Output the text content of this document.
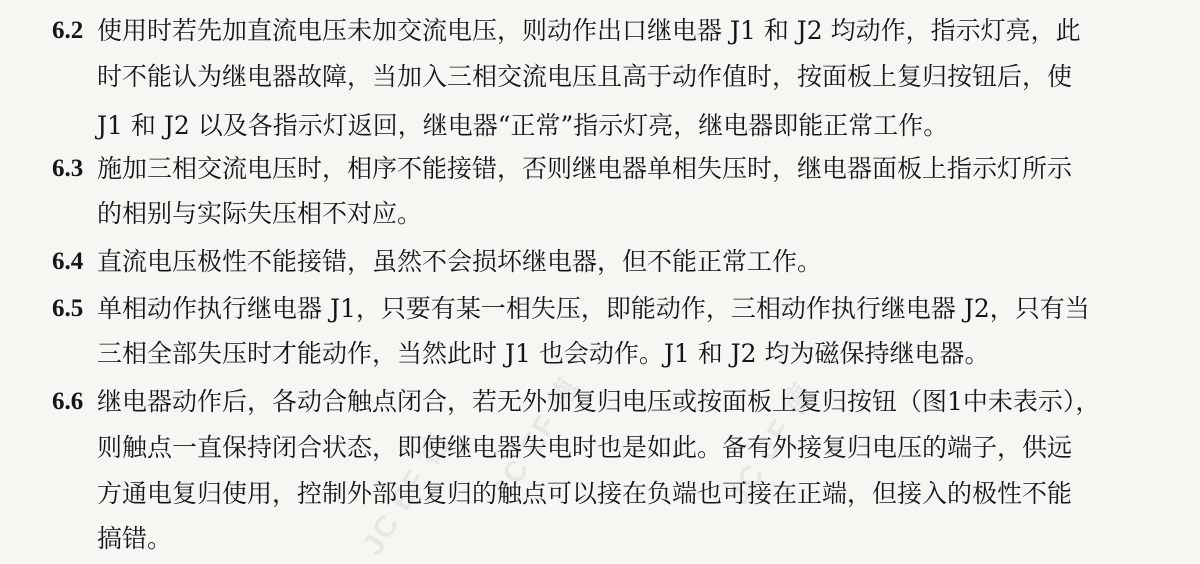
6.2 使用时若先加直流电压未加交流电压，则动作出口继电器 J1 和 J2 均动作，指示灯亮，此
时不能认为继电器故障，当加入三相交流电压且高于动作值时，按面板上复归按钮后，使
J1 和 J2 以及各指示灯返回，继电器“正常”指示灯亮，继电器即能正常工作。
6.3 施加三相交流电压时，相序不能接错，否则继电器单相失压时，继电器面板上指示灯所示
的相别与实际失压相不对应。
6.4 直流电压极性不能接错，虽然不会损坏继电器，但不能正常工作。
6.5 单相动作执行继电器 J1，只要有某一相失压，即能动作，三相动作执行继电器 J2，只有当
三相全部失压时才能动作，当然此时 J1 也会动作。J1 和 J2 均为磁保持继电器。
6.6 继电器动作后，各动合触点闭合，若无外加复归电压或按面板上复归按钮（图1中未表示），
则触点一直保持闭合状态，即使继电器失电时也是如此。备有外接复归电压的端子，供远
方通电复归使用，控制外部电复归的触点可以接在负端也可接在正端，但接入的极性不能
搞错。	JC EF 德 JC EF 德	JC EF 德
